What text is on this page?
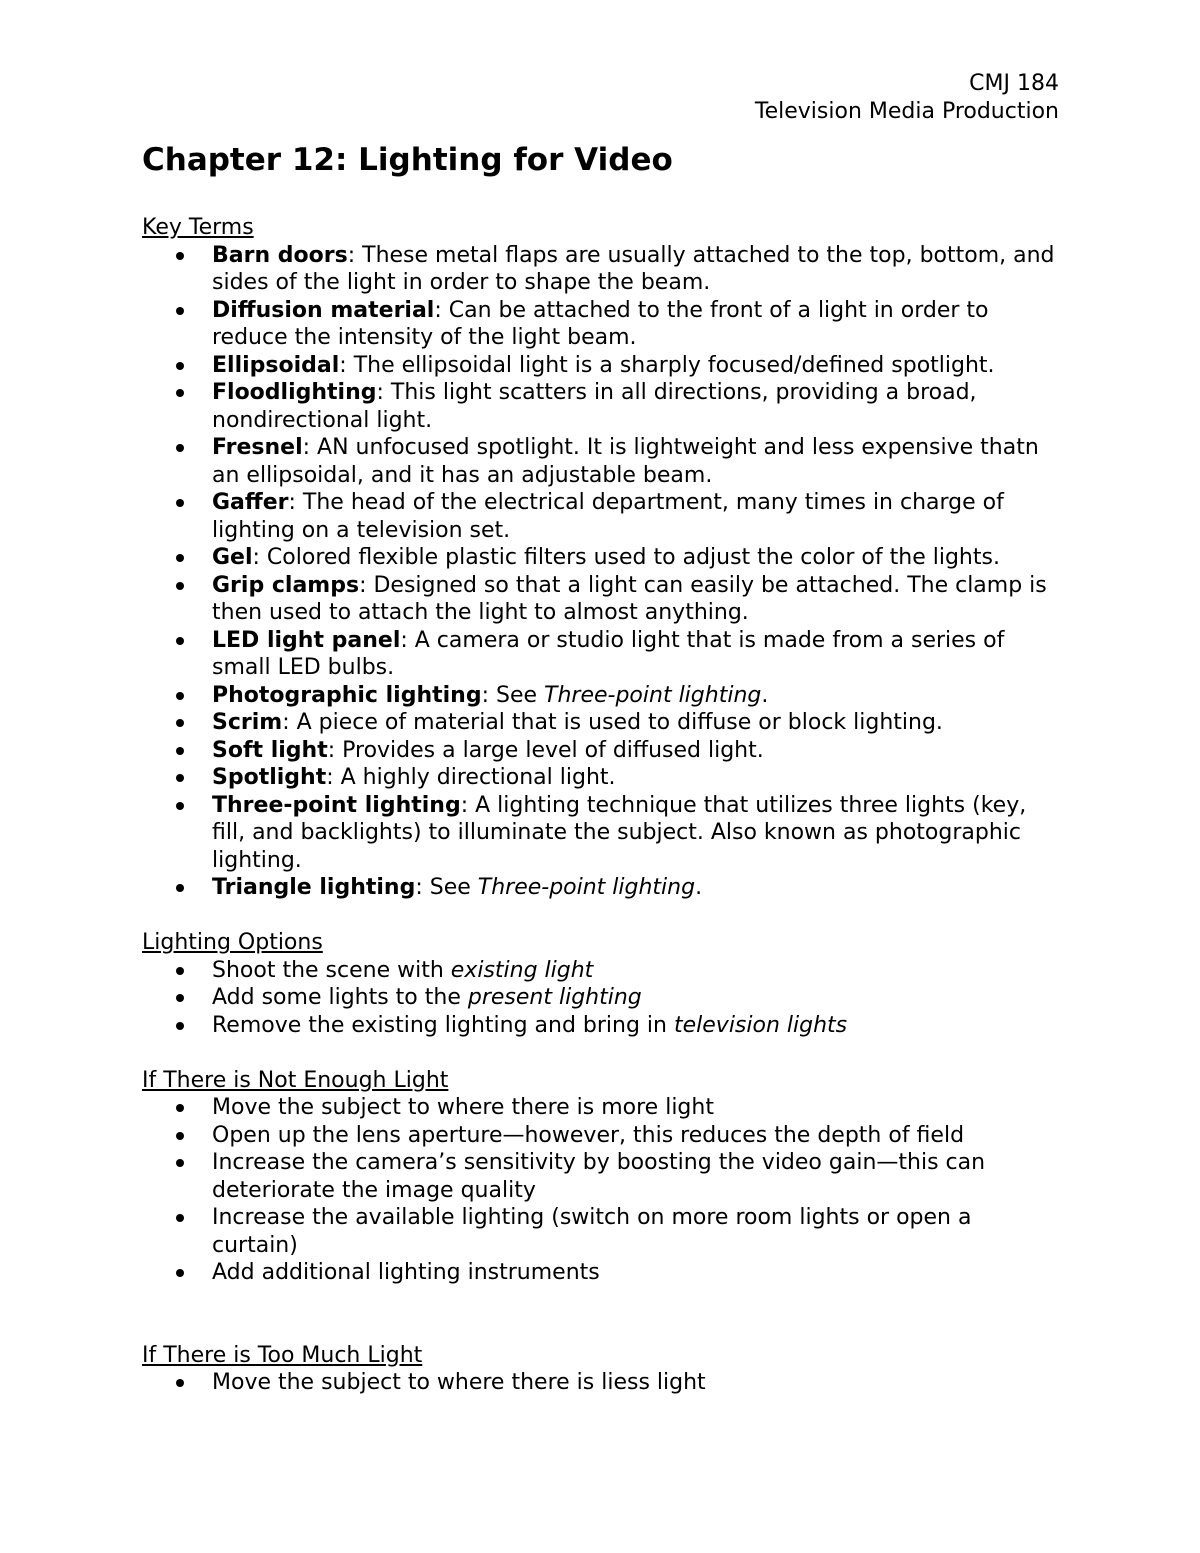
CMJ 184
Television Media Production
Chapter 12: Lighting for Video
Key Terms
Barn doors: These metal flaps are usually attached to the top, bottom, and sides of the light in order to shape the beam.
Diffusion material: Can be attached to the front of a light in order to reduce the intensity of the light beam.
Ellipsoidal: The ellipsoidal light is a sharply focused/defined spotlight.
Floodlighting: This light scatters in all directions, providing a broad, nondirectional light.
Fresnel: AN unfocused spotlight. It is lightweight and less expensive thatn an ellipsoidal, and it has an adjustable beam.
Gaffer: The head of the electrical department, many times in charge of lighting on a television set.
Gel: Colored flexible plastic filters used to adjust the color of the lights.
Grip clamps: Designed so that a light can easily be attached. The clamp is then used to attach the light to almost anything.
LED light panel: A camera or studio light that is made from a series of small LED bulbs.
Photographic lighting: See Three-point lighting.
Scrim: A piece of material that is used to diffuse or block lighting.
Soft light: Provides a large level of diffused light.
Spotlight: A highly directional light.
Three-point lighting: A lighting technique that utilizes three lights (key, fill, and backlights) to illuminate the subject. Also known as photographic lighting.
Triangle lighting: See Three-point lighting.
Lighting Options
Shoot the scene with existing light
Add some lights to the present lighting
Remove the existing lighting and bring in television lights
If There is Not Enough Light
Move the subject to where there is more light
Open up the lens aperture—however, this reduces the depth of field
Increase the camera’s sensitivity by boosting the video gain—this can deteriorate the image quality
Increase the available lighting (switch on more room lights or open a curtain)
Add additional lighting instruments
If There is Too Much Light
Move the subject to where there is liess light
